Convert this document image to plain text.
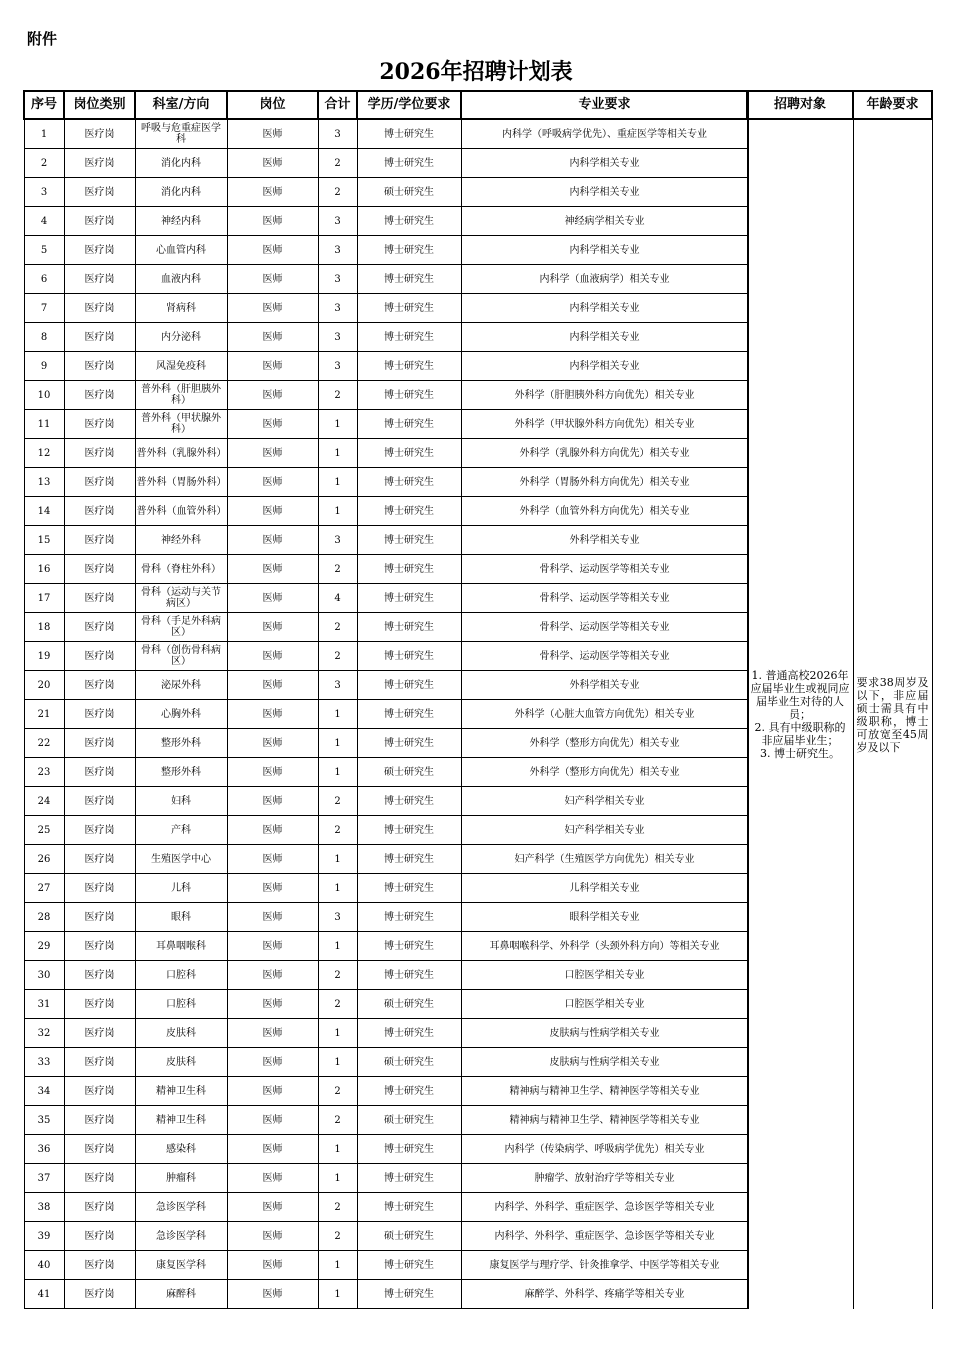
附件
2026年招聘计划表
序号	岗位类别	科室/方向	岗位	合计	学历/学位要求	专业要求
1	医疗岗	呼吸与危重症医学科	医师	3	博士研究生	内科学（呼吸病学优先）、重症医学等相关专业
2	医疗岗	消化内科	医师	2	博士研究生	内科学相关专业
3	医疗岗	消化内科	医师	2	硕士研究生	内科学相关专业
4	医疗岗	神经内科	医师	3	博士研究生	神经病学相关专业
5	医疗岗	心血管内科	医师	3	博士研究生	内科学相关专业
6	医疗岗	血液内科	医师	3	博士研究生	内科学（血液病学）相关专业
7	医疗岗	肾病科	医师	3	博士研究生	内科学相关专业
8	医疗岗	内分泌科	医师	3	博士研究生	内科学相关专业
9	医疗岗	风湿免疫科	医师	3	博士研究生	内科学相关专业
10	医疗岗	普外科（肝胆胰外科）	医师	2	博士研究生	外科学（肝胆胰外科方向优先）相关专业
11	医疗岗	普外科（甲状腺外科）	医师	1	博士研究生	外科学（甲状腺外科方向优先）相关专业
12	医疗岗	普外科（乳腺外科）	医师	1	博士研究生	外科学（乳腺外科方向优先）相关专业
13	医疗岗	普外科（胃肠外科）	医师	1	博士研究生	外科学（胃肠外科方向优先）相关专业
14	医疗岗	普外科（血管外科）	医师	1	博士研究生	外科学（血管外科方向优先）相关专业
15	医疗岗	神经外科	医师	3	博士研究生	外科学相关专业
16	医疗岗	骨科（脊柱外科）	医师	2	博士研究生	骨科学、运动医学等相关专业
17	医疗岗	骨科（运动与关节病区）	医师	4	博士研究生	骨科学、运动医学等相关专业
18	医疗岗	骨科（手足外科病区）	医师	2	博士研究生	骨科学、运动医学等相关专业
19	医疗岗	骨科（创伤骨科病区）	医师	2	博士研究生	骨科学、运动医学等相关专业
20	医疗岗	泌尿外科	医师	3	博士研究生	外科学相关专业
21	医疗岗	心胸外科	医师	1	博士研究生	外科学（心脏大血管方向优先）相关专业
22	医疗岗	整形外科	医师	1	博士研究生	外科学（整形方向优先）相关专业
23	医疗岗	整形外科	医师	1	硕士研究生	外科学（整形方向优先）相关专业
24	医疗岗	妇科	医师	2	博士研究生	妇产科学相关专业
25	医疗岗	产科	医师	2	博士研究生	妇产科学相关专业
26	医疗岗	生殖医学中心	医师	1	博士研究生	妇产科学（生殖医学方向优先）相关专业
27	医疗岗	儿科	医师	1	博士研究生	儿科学相关专业
28	医疗岗	眼科	医师	3	博士研究生	眼科学相关专业
29	医疗岗	耳鼻咽喉科	医师	1	博士研究生	耳鼻咽喉科学、外科学（头颈外科方向）等相关专业
30	医疗岗	口腔科	医师	2	博士研究生	口腔医学相关专业
31	医疗岗	口腔科	医师	2	硕士研究生	口腔医学相关专业
32	医疗岗	皮肤科	医师	1	博士研究生	皮肤病与性病学相关专业
33	医疗岗	皮肤科	医师	1	硕士研究生	皮肤病与性病学相关专业
34	医疗岗	精神卫生科	医师	2	博士研究生	精神病与精神卫生学、精神医学等相关专业
35	医疗岗	精神卫生科	医师	2	硕士研究生	精神病与精神卫生学、精神医学等相关专业
36	医疗岗	感染科	医师	1	博士研究生	内科学（传染病学、呼吸病学优先）相关专业
37	医疗岗	肿瘤科	医师	1	博士研究生	肿瘤学、放射治疗学等相关专业
38	医疗岗	急诊医学科	医师	2	博士研究生	内科学、外科学、重症医学、急诊医学等相关专业
39	医疗岗	急诊医学科	医师	2	硕士研究生	内科学、外科学、重症医学、急诊医学等相关专业
40	医疗岗	康复医学科	医师	1	博士研究生	康复医学与理疗学、针灸推拿学、中医学等相关专业
41	医疗岗	麻醉科	医师	1	博士研究生	麻醉学、外科学、疼痛学等相关专业
招聘对象	年龄要求
1. 普通高校2026年应届毕业生或视同应届毕业生对待的人员；
2. 具有中级职称的非应届毕业生；
3. 博士研究生。	要求38周岁及以下，非应届硕士需具有中级职称，博士可放宽至45周岁及以下
